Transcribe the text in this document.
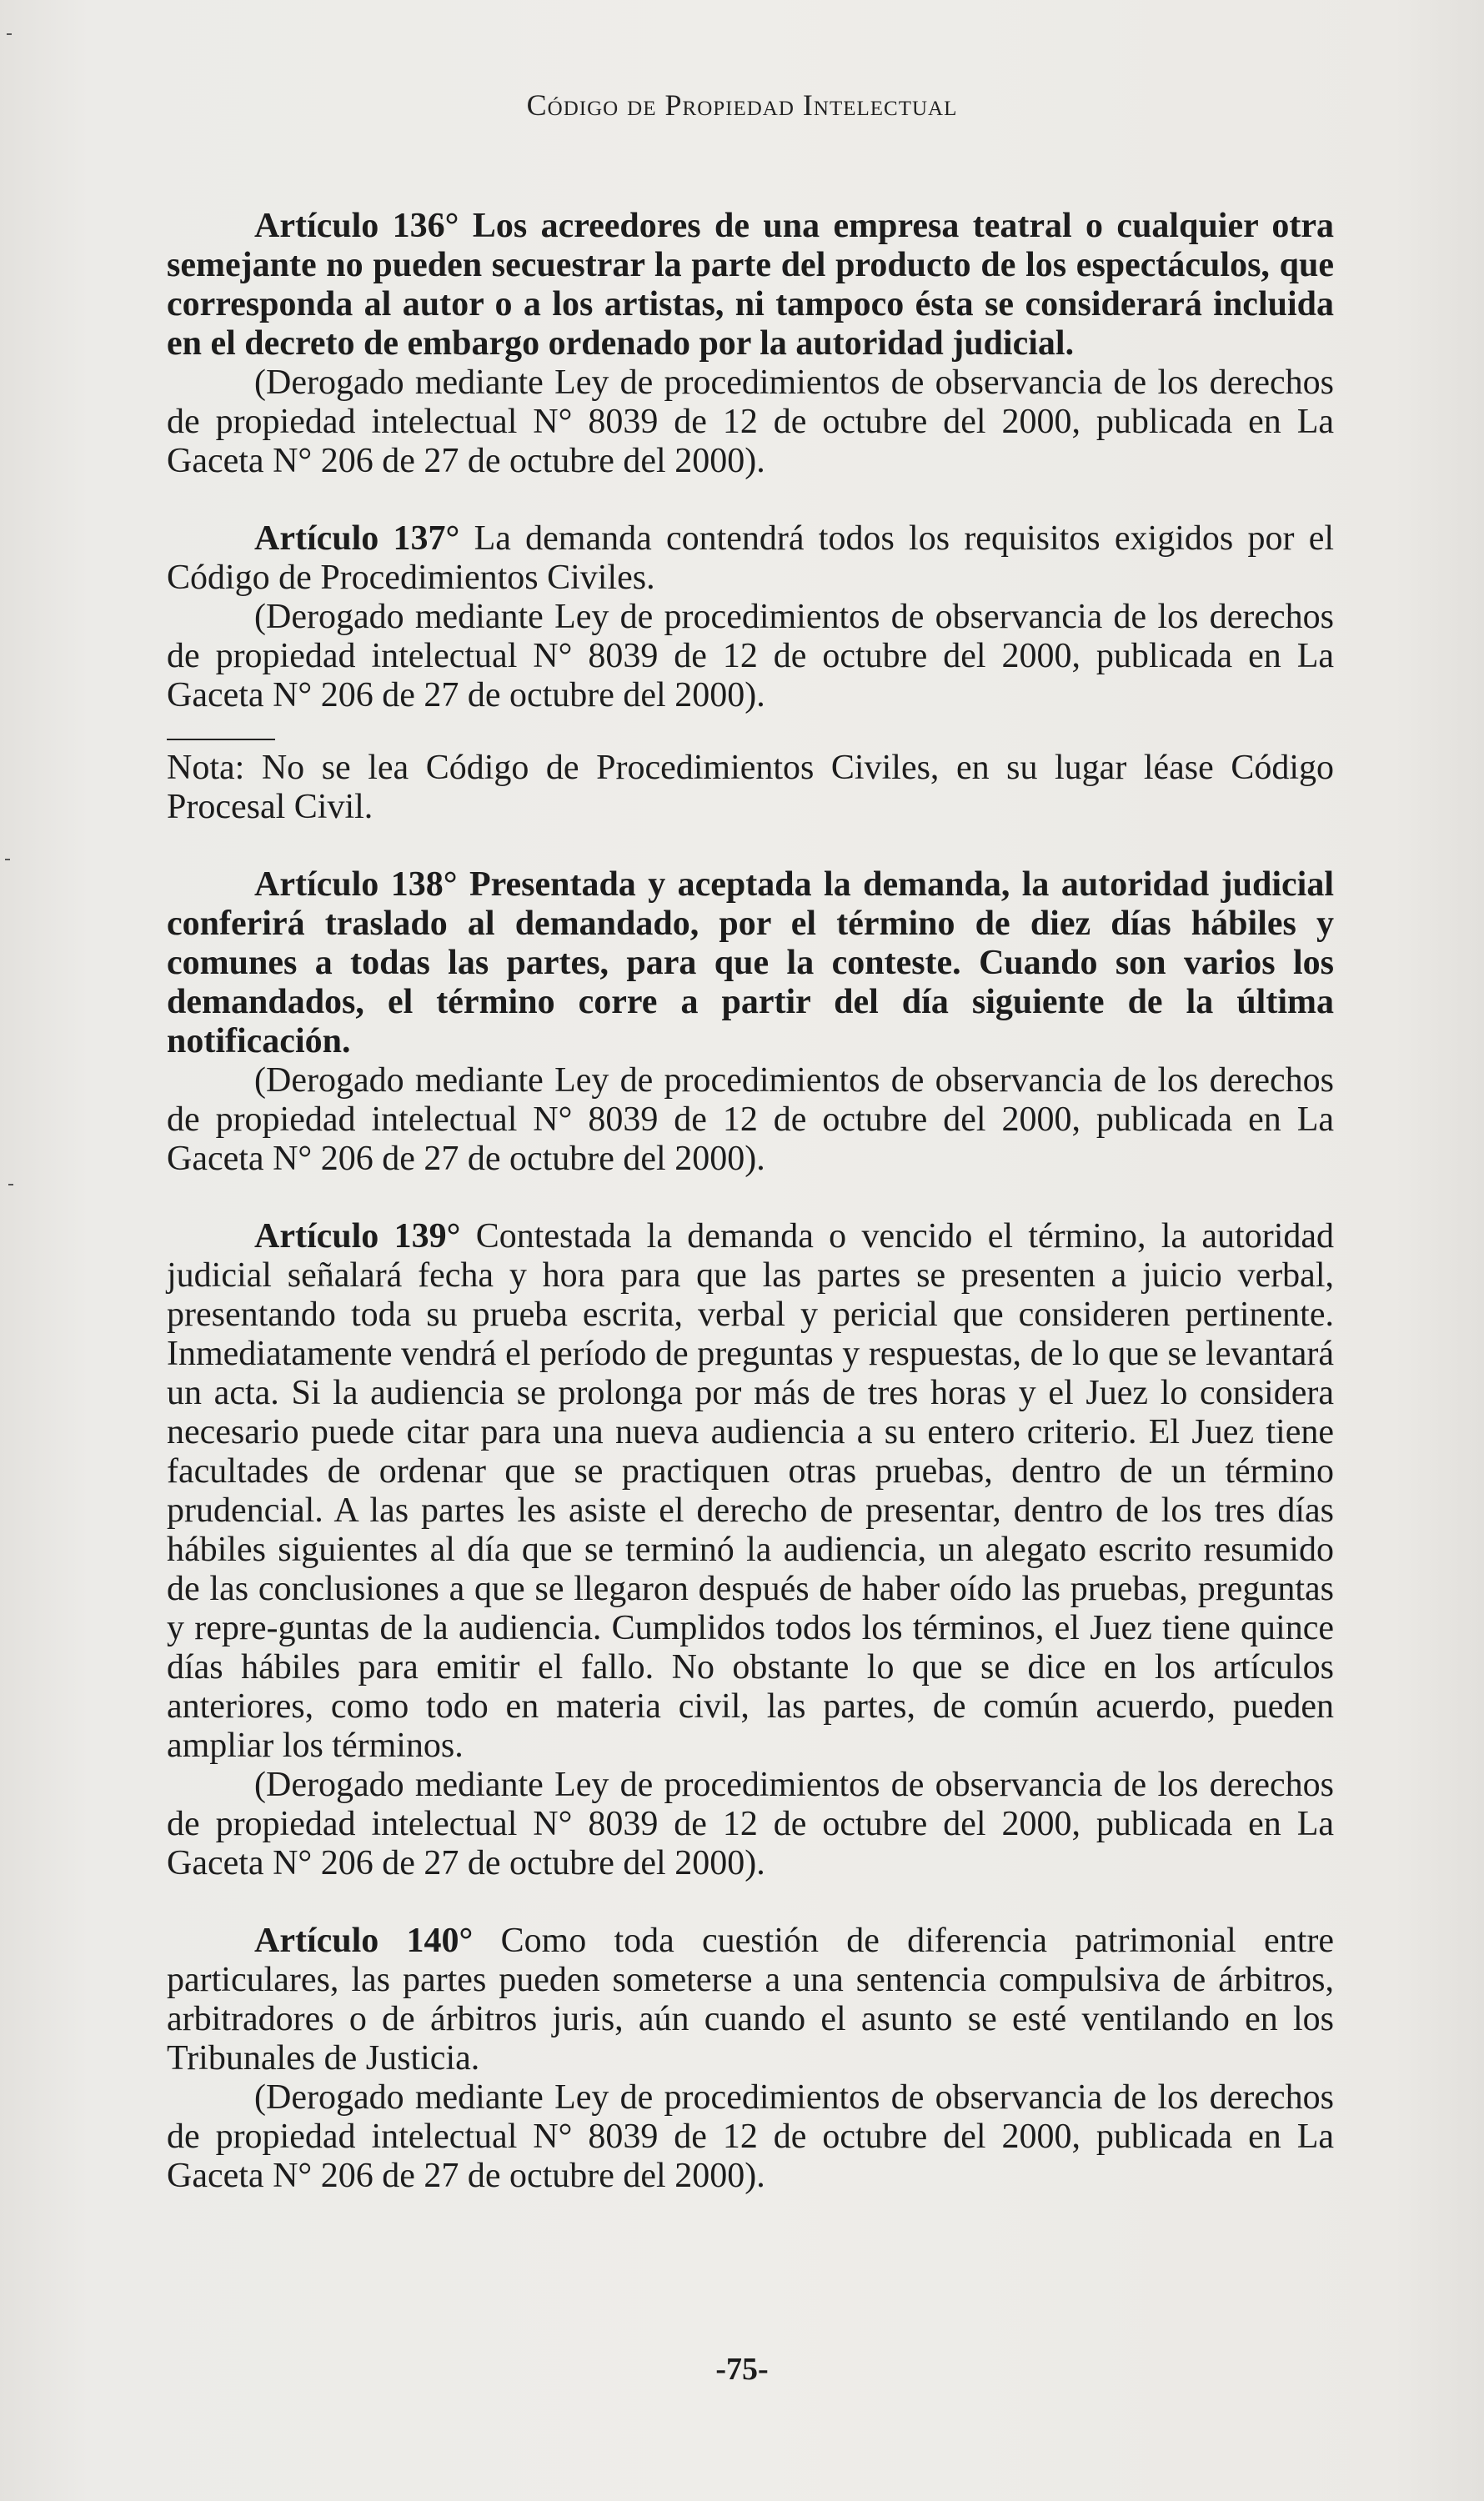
Código de Propiedad Intelectual

Artículo 136° Los acreedores de una empresa teatral o cualquier otra semejante no pueden secuestrar la parte del producto de los espectáculos, que corresponda al autor o a los artistas, ni tampoco ésta se considerará incluida en el decreto de embargo ordenado por la autoridad judicial.

(Derogado mediante Ley de procedimientos de observancia de los derechos de propiedad intelectual N° 8039 de 12 de octubre del 2000, publicada en La Gaceta N° 206 de 27 de octubre del 2000).

Artículo 137° La demanda contendrá todos los requisitos exigidos por el Código de Procedimientos Civiles.

(Derogado mediante Ley de procedimientos de observancia de los derechos de propiedad intelectual N° 8039 de 12 de octubre del 2000, publicada en La Gaceta N° 206 de 27 de octubre del 2000).

Nota: No se lea Código de Procedimientos Civiles, en su lugar léase Código Procesal Civil.

Artículo 138° Presentada y aceptada la demanda, la autoridad judicial conferirá traslado al demandado, por el término de diez días hábiles y comunes a todas las partes, para que la conteste. Cuando son varios los demandados, el término corre a partir del día siguiente de la última notificación.

(Derogado mediante Ley de procedimientos de observancia de los derechos de propiedad intelectual N° 8039 de 12 de octubre del 2000, publicada en La Gaceta N° 206 de 27 de octubre del 2000).

Artículo 139° Contestada la demanda o vencido el término, la autoridad judicial señalará fecha y hora para que las partes se presenten a juicio verbal, presentando toda su prueba escrita, verbal y pericial que consideren pertinente. Inmediatamente vendrá el período de preguntas y respuestas, de lo que se levantará un acta. Si la audiencia se prolonga por más de tres horas y el Juez lo considera necesario puede citar para una nueva audiencia a su entero criterio. El Juez tiene facultades de ordenar que se practiquen otras pruebas, dentro de un término prudencial. A las partes les asiste el derecho de presentar, dentro de los tres días hábiles siguientes al día que se terminó la audiencia, un alegato escrito resumido de las conclusiones a que se llegaron después de haber oído las pruebas, preguntas y repre-guntas de la audiencia. Cumplidos todos los términos, el Juez tiene quince días hábiles para emitir el fallo. No obstante lo que se dice en los artículos anteriores, como todo en materia civil, las partes, de común acuerdo, pueden ampliar los términos.

(Derogado mediante Ley de procedimientos de observancia de los derechos de propiedad intelectual N° 8039 de 12 de octubre del 2000, publicada en La Gaceta N° 206 de 27 de octubre del 2000).

Artículo 140° Como toda cuestión de diferencia patrimonial entre particulares, las partes pueden someterse a una sentencia compulsiva de árbitros, arbitradores o de árbitros juris, aún cuando el asunto se esté ventilando en los Tribunales de Justicia.

(Derogado mediante Ley de procedimientos de observancia de los derechos de propiedad intelectual N° 8039 de 12 de octubre del 2000, publicada en La Gaceta N° 206 de 27 de octubre del 2000).

-75-
